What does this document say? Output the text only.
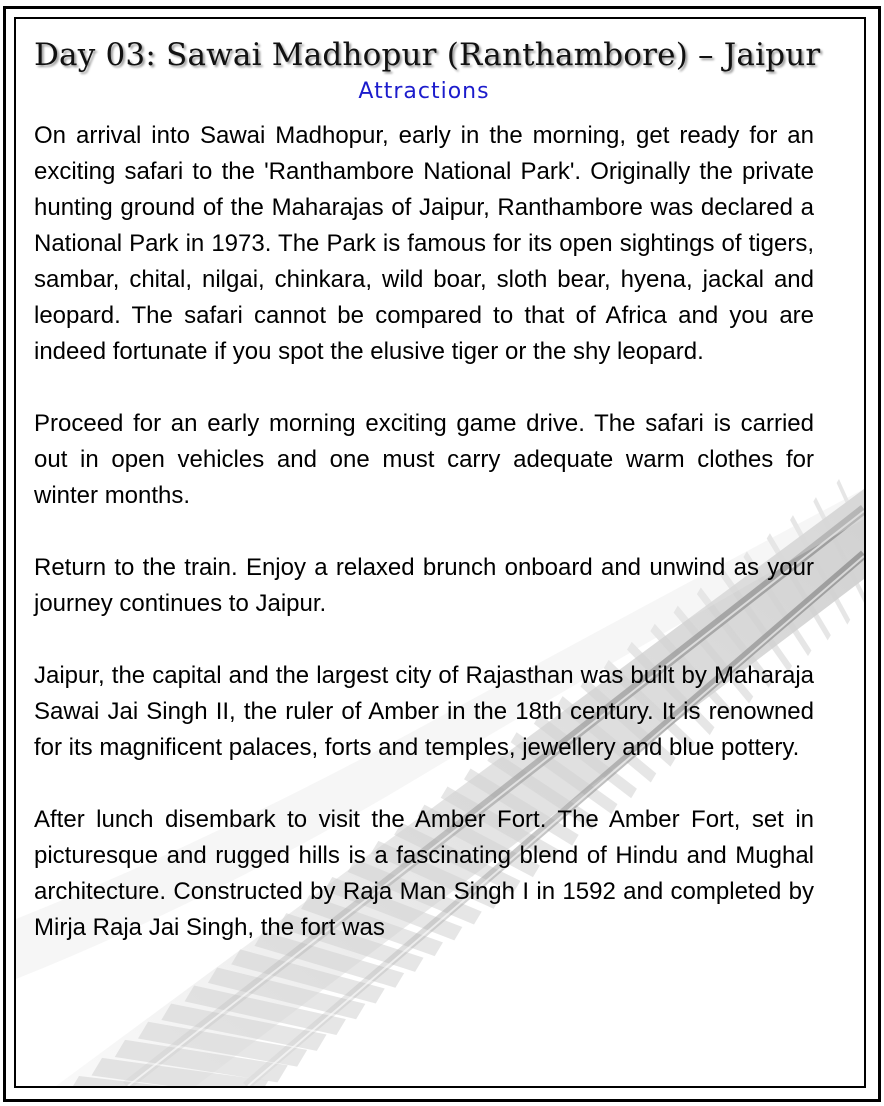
Day 03: Sawai Madhopur (Ranthambore) – Jaipur
Attractions

On arrival into Sawai Madhopur, early in the morning, get ready for an exciting safari to the 'Ranthambore National Park'. Originally the private hunting ground of the Maharajas of Jaipur, Ranthambore was declared a National Park in 1973. The Park is famous for its open sightings of tigers, sambar, chital, nilgai, chinkara, wild boar, sloth bear, hyena, jackal and leopard. The safari cannot be compared to that of Africa and you are indeed fortunate if you spot the elusive tiger or the shy leopard.

Proceed for an early morning exciting game drive. The safari is carried out in open vehicles and one must carry adequate warm clothes for winter months.

Return to the train. Enjoy a relaxed brunch onboard and unwind as your journey continues to Jaipur.

Jaipur, the capital and the largest city of Rajasthan was built by Maharaja Sawai Jai Singh II, the ruler of Amber in the 18th century. It is renowned for its magnificent palaces, forts and temples, jewellery and blue pottery.

After lunch disembark to visit the Amber Fort. The Amber Fort, set in picturesque and rugged hills is a fascinating blend of Hindu and Mughal architecture. Constructed by Raja Man Singh I in 1592 and completed by Mirja Raja Jai Singh, the fort was
